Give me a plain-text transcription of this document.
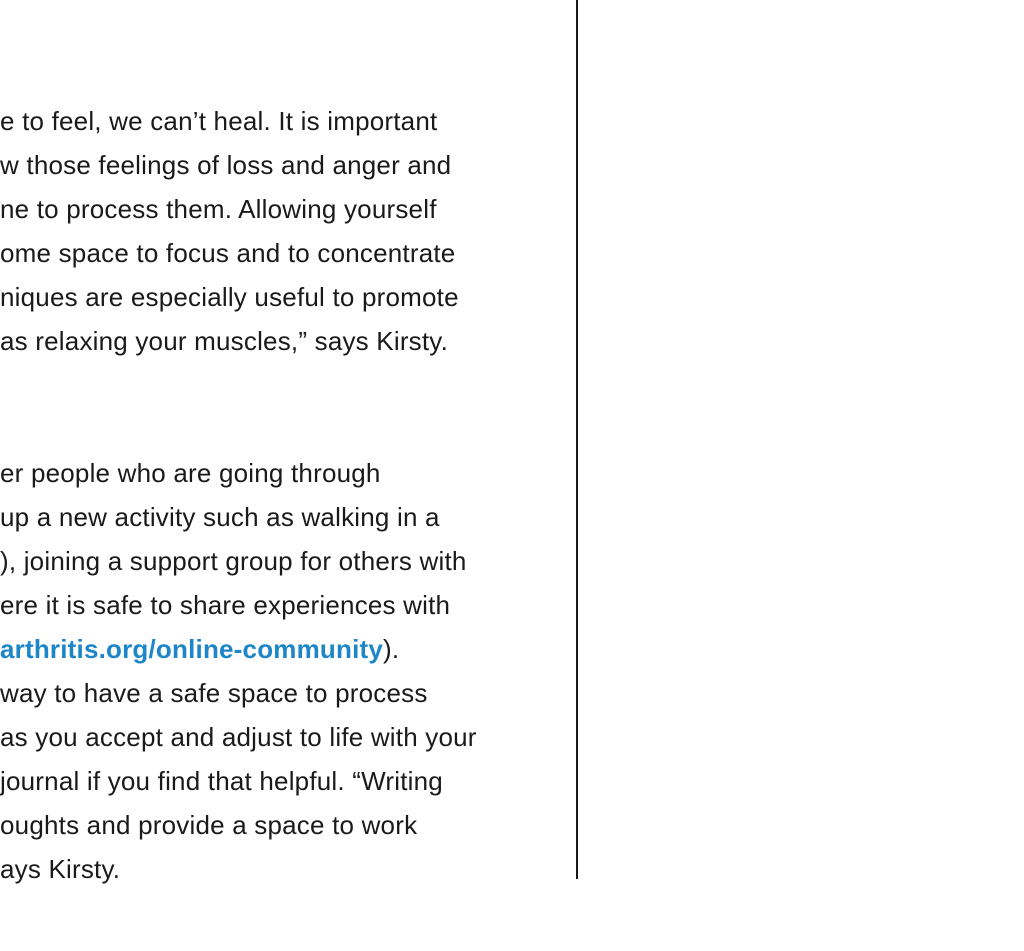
e to feel, we can’t heal. It is important
w those feelings of loss and anger and
ne to process them. Allowing yourself
ome space to focus and to concentrate
niques are especially useful to promote
as relaxing your muscles,” says Kirsty.

er people who are going through
up a new activity such as walking in a
), joining a support group for others with
ere it is safe to share experiences with
arthritis.org/online-community).
way to have a safe space to process
as you accept and adjust to life with your
journal if you find that helpful. “Writing
oughts and provide a space to work
ays Kirsty.
